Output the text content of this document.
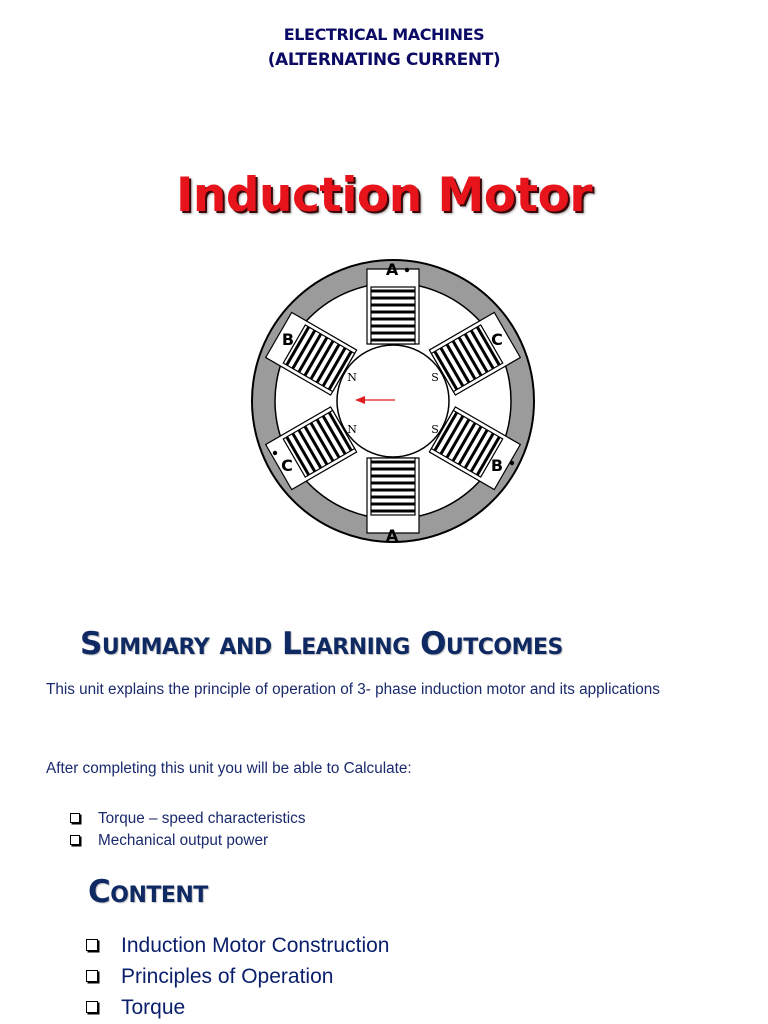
ELECTRICAL MACHINES
(ALTERNATING CURRENT)
Induction Motor
N
N
S
S
A
A
B	C
C	B
Summary and Learning Outcomes
This unit explains the principle of operation of 3- phase induction motor and its applications
After completing this unit you will be able to Calculate:
Torque – speed characteristics
Mechanical output power
Content
Induction Motor Construction
Principles of Operation
Torque
